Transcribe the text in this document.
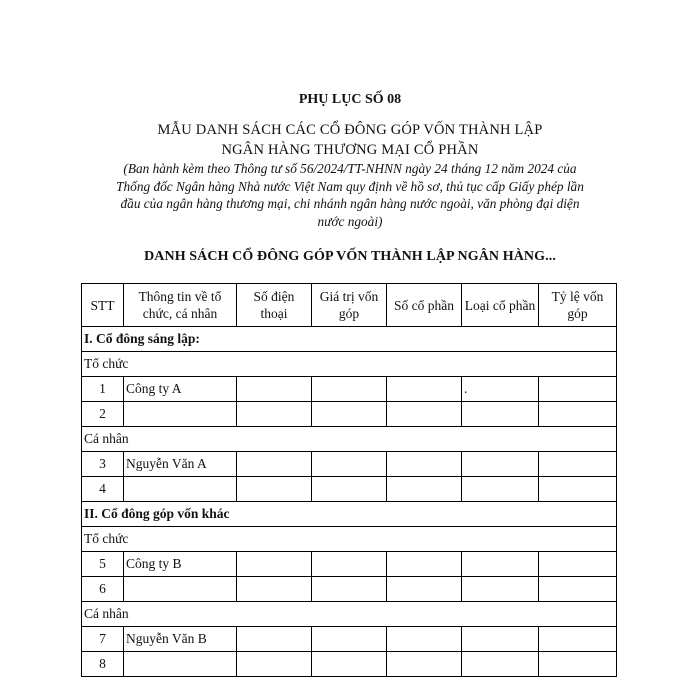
PHỤ LỤC SỐ 08
MẪU DANH SÁCH CÁC CỔ ĐÔNG GÓP VỐN THÀNH LẬP
NGÂN HÀNG THƯƠNG MẠI CỔ PHẦN
(Ban hành kèm theo Thông tư số 56/2024/TT-NHNN ngày 24 tháng 12 năm 2024 của
Thống đốc Ngân hàng Nhà nước Việt Nam quy định về hồ sơ, thủ tục cấp Giấy phép lần
đầu của ngân hàng thương mại, chi nhánh ngân hàng nước ngoài, văn phòng đại diện
nước ngoài)
DANH SÁCH CỔ ĐÔNG GÓP VỐN THÀNH LẬP NGÂN HÀNG...
STT	Thông tin về tổ chức, cá nhân	Số điện thoại	Giá trị vốn góp	Số cổ phần	Loại cổ phần	Tỷ lệ vốn góp
I. Cổ đông sáng lập:						
Tổ chức						
1	Công ty A				.	
2						
Cá nhân						
3	Nguyễn Văn A					
4						
II. Cổ đông góp vốn khác						
Tổ chức						
5	Công ty B					
6						
Cá nhân						
7	Nguyễn Văn B					
8						
